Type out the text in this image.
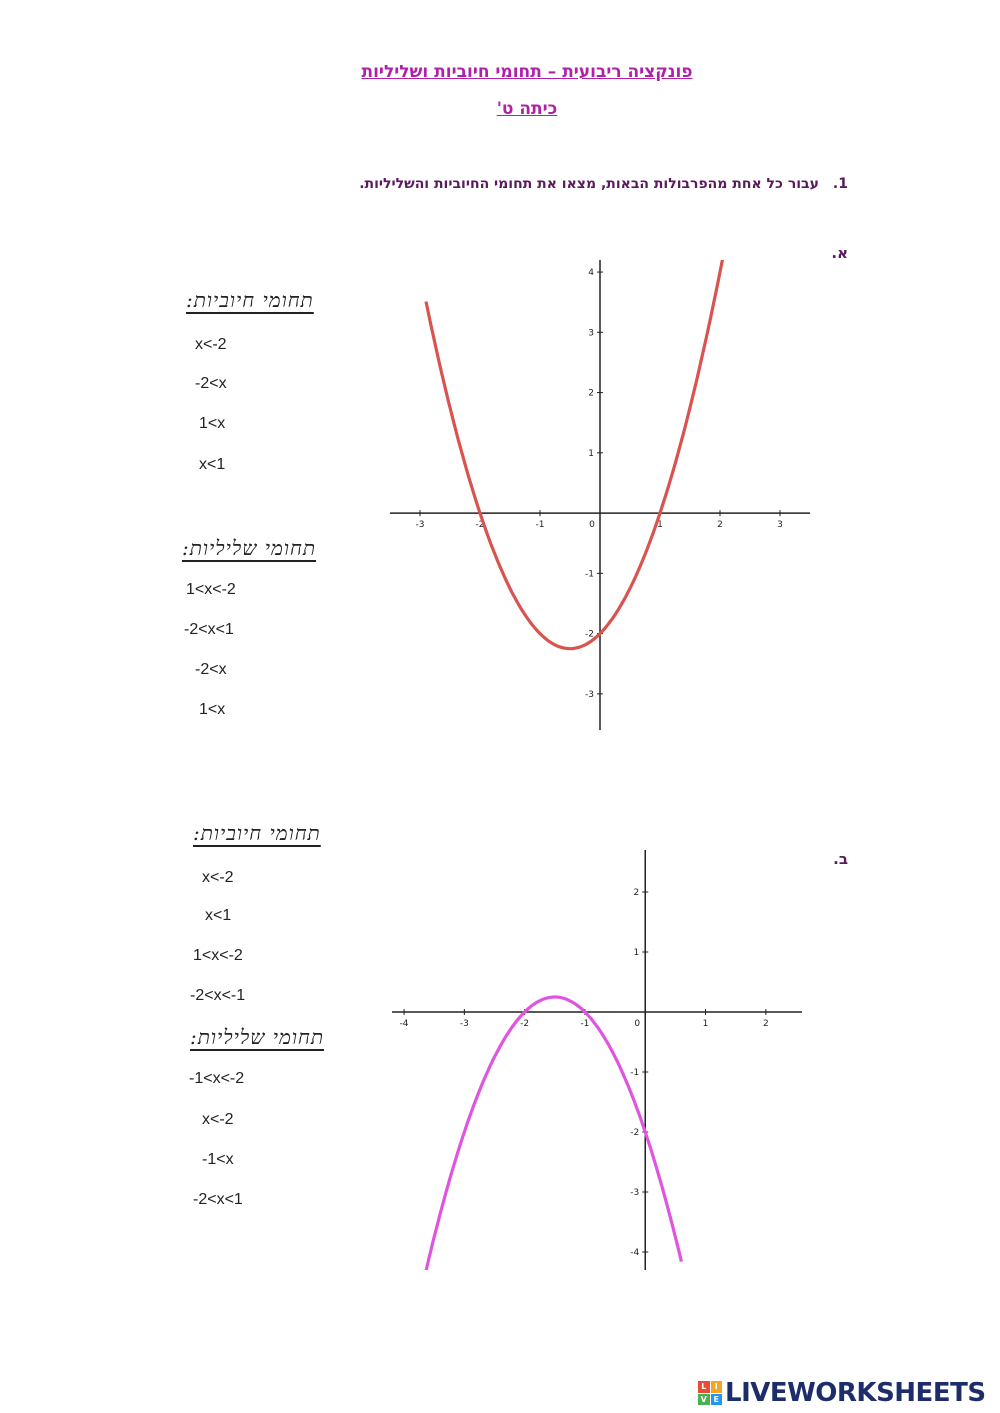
פונקציה ריבועית – תחומי חיוביות ושליליות
כיתה ט'
1.עבור כל אחת מהפרבולות הבאות, מצאו את תחומי החיוביות והשליליות.
א.
תחומי חיוביות:
x<-2
-2<x
1<x
x<1
תחומי שליליות:
1<x<-2
-2<x<1
-2<x
1<x
-3	-2	-1	0	1	2	3
4
3
2
1
-1
-2
-3
ב.
תחומי חיוביות:
x<-2
x<1
1<x<-2
-2<x<-1
תחומי שליליות:
-1<x<-2
x<-2
-1<x
-2<x<1
-4	-3	-2	-1	0	1	2
2
1
-1
-2
-3
-4
L	I
V E LIVEWORKSHEETS
